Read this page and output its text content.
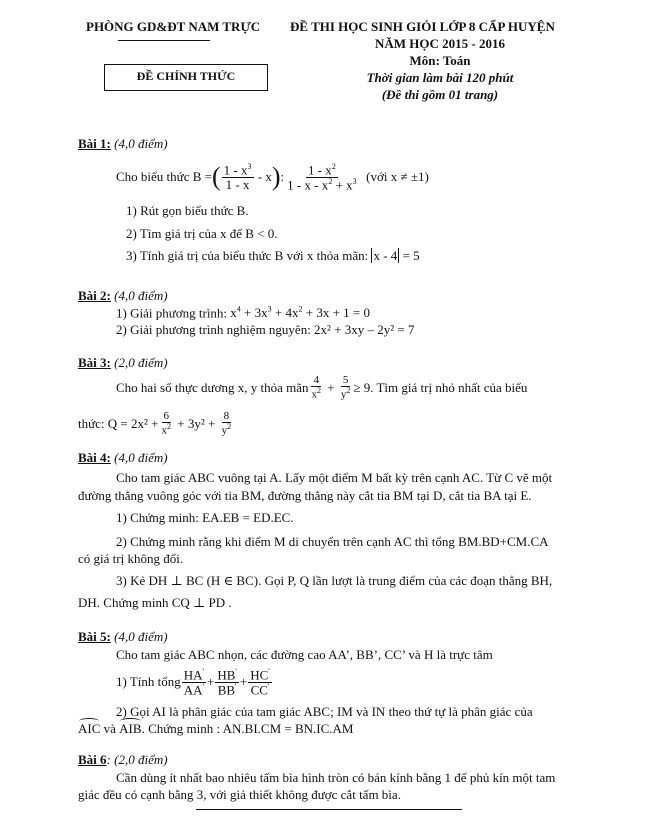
PHÒNG GD&ĐT NAM TRỰC
ĐỀ CHÍNH THỨC
ĐỀ THI HỌC SINH GIỎI LỚP 8 CẤP HUYỆN
NĂM HỌC 2015 - 2016
Môn: Toán
Thời gian làm bài 120 phút
(Đề thi gồm 01 trang)
Bài 1: (4,0 điểm)
Cho biểu thức B = ( $\frac{1 - x^3}{1 - x}$ - x ) : $\frac{1 - x^2}{1 - x - x^2 + x^3}$
(với x ≠ ±1)
1) Rút gọn biểu thức B.
2) Tìm giá trị của x để B < 0.
3) Tính giá trị của biểu thức B với x thỏa mãn: x - 4 = 5
Bài 2: (4,0 điểm)
1) Giải phương trình: $x^4 + 3x^3 + 4x^2 + 3x + 1 = 0$
2) Giải phương trình nghiệm nguyên: 2x² + 3xy – 2y² = 7
Bài 3: (2,0 điểm)
Cho hai số thực dương x, y thỏa mãn $\frac{4}{x^2} + \frac{5}{y^2} \ge 9$. Tìm giá trị nhỏ nhất của biểu
thức: $Q = 2x^2 + \frac{6}{x^2} + 3y^2 + \frac{8}{y^2}$
Bài 4: (4,0 điểm)
Cho tam giác ABC vuông tại A. Lấy một điểm M bất kỳ trên cạnh AC. Từ C vẽ một
đường thẳng vuông góc với tia BM, đường thẳng này cắt tia BM tại D, cắt tia BA tại E.
1) Chứng minh: EA.EB = ED.EC.
2) Chứng minh rằng khi điểm M di chuyển trên cạnh AC thì tổng BM.BD+CM.CA
có giá trị không đổi.
3) Kẻ DH ⊥ BC (H ∈ BC). Gọi P, Q lần lượt là trung điểm của các đoạn thẳng BH,
DH. Chứng minh CQ ⊥ PD .
Bài 5: (4,0 điểm)
Cho tam giác ABC nhọn, các đường cao AA’, BB’, CC’ và H là trực tâm
1) Tính tổng $\frac{HA'}{AA'} + \frac{HB'}{BB'} + \frac{HC'}{CC'}$
2) Gọi AI là phân giác của tam giác ABC; IM và IN theo thứ tự là phân giác của
AIC và AIB. Chứng minh : AN.BI.CM = BN.IC.AM
Bài 6: (2,0 điểm)
Cần dùng ít nhất bao nhiêu tấm bìa hình tròn có bán kính bằng 1 để phủ kín một tam
giác đều có cạnh bằng 3, với giả thiết không được cắt tấm bìa.
